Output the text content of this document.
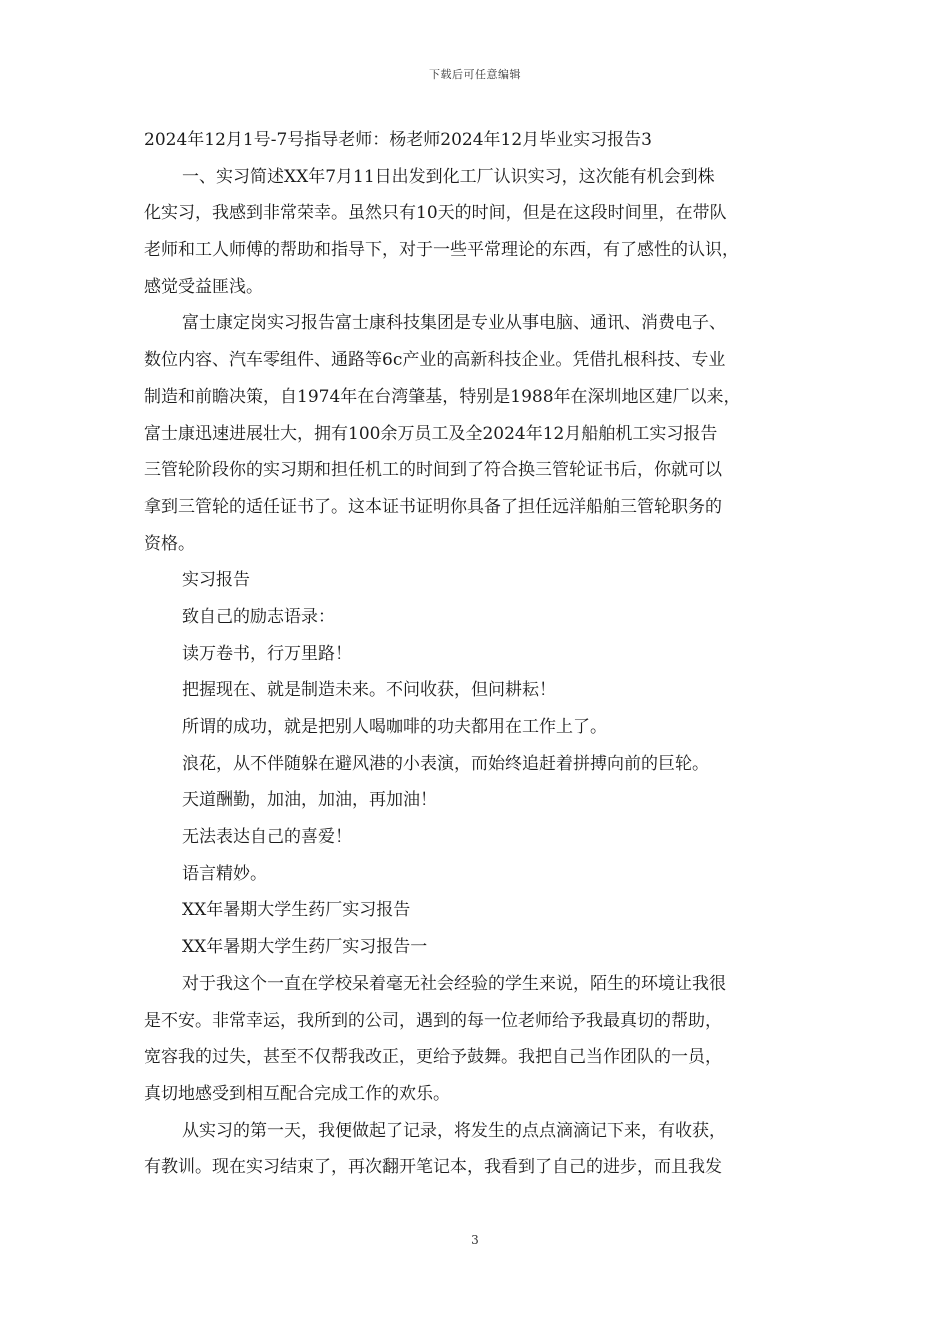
下载后可任意编辑
2024年12月1号-7号指导老师：杨老师2024年12月毕业实习报告3
一、实习简述XX年7月11日出发到化工厂认识实习，这次能有机会到株
化实习，我感到非常荣幸。虽然只有10天的时间，但是在这段时间里，在带队
老师和工人师傅的帮助和指导下，对于一些平常理论的东西，有了感性的认识，
感觉受益匪浅。
富士康定岗实习报告富士康科技集团是专业从事电脑、通讯、消费电子、
数位内容、汽车零组件、通路等6c产业的高新科技企业。凭借扎根科技、专业
制造和前瞻决策，自1974年在台湾肇基，特别是1988年在深圳地区建厂以来，
富士康迅速进展壮大，拥有100余万员工及全2024年12月船舶机工实习报告
三管轮阶段你的实习期和担任机工的时间到了符合换三管轮证书后，你就可以
拿到三管轮的适任证书了。这本证书证明你具备了担任远洋船舶三管轮职务的
资格。
实习报告
致自己的励志语录：
读万卷书，行万里路！
把握现在、就是制造未来。不问收获，但问耕耘！
所谓的成功，就是把别人喝咖啡的功夫都用在工作上了。
浪花，从不伴随躲在避风港的小表演，而始终追赶着拼搏向前的巨轮。
天道酬勤，加油，加油，再加油！
无法表达自己的喜爱！
语言精妙。
XX年暑期大学生药厂实习报告
XX年暑期大学生药厂实习报告一
对于我这个一直在学校呆着毫无社会经验的学生来说，陌生的环境让我很
是不安。非常幸运，我所到的公司，遇到的每一位老师给予我最真切的帮助，
宽容我的过失，甚至不仅帮我改正，更给予鼓舞。我把自己当作团队的一员，
真切地感受到相互配合完成工作的欢乐。
从实习的第一天，我便做起了记录，将发生的点点滴滴记下来，有收获，
有教训。现在实习结束了，再次翻开笔记本，我看到了自己的进步，而且我发
3
